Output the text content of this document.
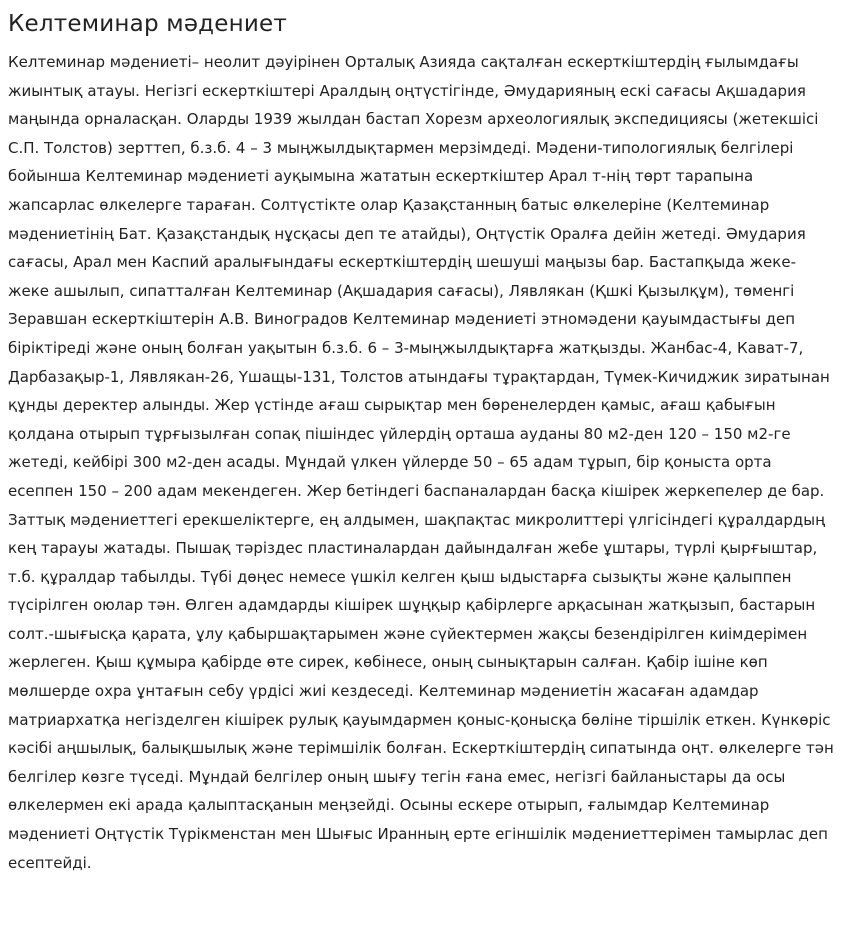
Келтеминар мәдениет

Келтеминар мәдениеті– неолит дәуірінен Орталық Азияда сақталған ескерткіштердің ғылымдағы жиынтық атауы. Негізгі ескерткіштері Аралдың оңтүстігінде, Әмударияның ескі сағасы Ақшадария маңында орналасқан. Оларды 1939 жылдан бастап Хорезм археологиялық экспедициясы (жетекшісі С.П. Толстов) зерттеп, б.з.б. 4 – 3 мыңжылдықтармен мерзімдеді. Мәдени-типологиялық белгілері бойынша Келтеминар мәдениеті ауқымына жататын ескерткіштер Арал т-нің төрт тарапына жапсарлас өлкелерге тараған. Солтүстікте олар Қазақстанның батыс өлкелеріне (Келтеминар мәдениетінің Бат. Қазақстандық нұсқасы деп те атайды), Оңтүстік Оралға дейін жетеді. Әмудария сағасы, Арал мен Каспий аралығындағы ескерткіштердің шешуші маңызы бар. Бастапқыда жеке-жеке ашылып, сипатталған Келтеминар (Ақшадария сағасы), Лявлякан (Қшкі Қызылқұм), төменгі Зеравшан ескерткіштерін А.В. Виноградов Келтеминар мәдениеті этномәдени қауымдастығы деп біріктіреді және оның болған уақытын б.з.б. 6 – 3-мыңжылдықтарға жатқызды. Жанбас-4, Кават-7, Дарбазақыр-1, Лявлякан-26, Үшащы-131, Толстов атындағы тұрақтардан, Түмек-Кичиджик зиратынан құнды деректер алынды. Жер үстінде ағаш сырықтар мен бөренелерден қамыс, ағаш қабығын қолдана отырып тұрғызылған сопақ пішіндес үйлердің орташа ауданы 80 м2-ден 120 – 150 м2-ге жетеді, кейбірі 300 м2-ден асады. Мұндай үлкен үйлерде 50 – 65 адам тұрып, бір қоныста орта есеппен 150 – 200 адам мекендеген. Жер бетіндегі баспаналардан басқа кішірек жеркепелер де бар. Заттық мәдениеттегі ерекшеліктерге, ең алдымен, шақпақтас микролиттері үлгісіндегі құралдардың кең тарауы жатады. Пышақ тәріздес пластиналардан дайындалған жебе ұштары, түрлі қырғыштар, т.б. құралдар табылды. Түбі дөңес немесе үшкіл келген қыш ыдыстарға сызықты және қалыппен түсірілген оюлар тән. Өлген адамдарды кішірек шұңқыр қабірлерге арқасынан жатқызып, бастарын солт.-шығысқа қарата, ұлу қабыршақтарымен және сүйектермен жақсы безендірілген киімдерімен жерлеген. Қыш құмыра қабірде өте сирек, көбінесе, оның сынықтарын салған. Қабір ішіне көп мөлшерде охра ұнтағын себу үрдісі жиі кездеседі. Келтеминар мәдениетін жасаған адамдар матриархатқа негізделген кішірек рулық қауымдармен қоныс-қонысқа бөліне тіршілік еткен. Күнкөріс кәсібі аңшылық, балықшылық және терімшілік болған. Ескерткіштердің сипатында оңт. өлкелерге тән белгілер көзге түседі. Мұндай белгілер оның шығу тегін ғана емес, негізгі байланыстары да осы өлкелермен екі арада қалыптасқанын меңзейді. Осыны ескере отырып, ғалымдар Келтеминар мәдениеті Оңтүстік Түрікменстан мен Шығыс Иранның ерте егіншілік мәдениеттерімен тамырлас деп есептейді.
